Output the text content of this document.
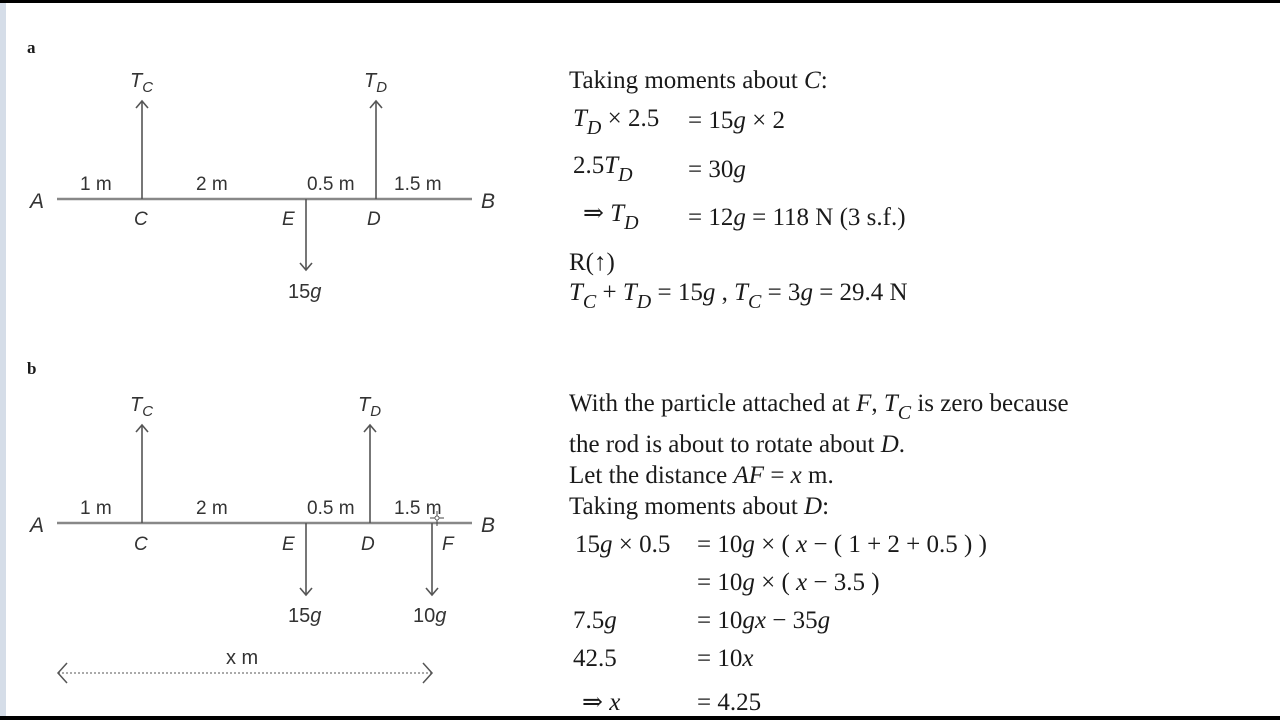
a
$T_C$	$T_D$
A	B
C	E	D
1 m	2 m	0.5 m 1.5 m
15g
Taking moments about C:
$T_D \times 2.5 = 15g \times 2$
$2.5T_D = 30g$
⇒ $T_D = 12g = 118$ N (3 s.f.)
R(↑)
$T_C + T_D = 15g$ , $T_C = 3g = 29.4$ N
b
$T_C$	$T_D$
A	B
C	E	D	F
1 m	2 m	0.5 m 1.5 m
15g	10g
x m
With the particle attached at F, $T_C$ is zero because
the rod is about to rotate about D.
Let the distance AF = x m.
Taking moments about D:
15g × 0.5 = 10g × ( x − ( 1 + 2 + 0.5 ) )
= 10g × ( x − 3.5 )
7.5g	= 10gx − 35g
42.5	= 10x
⇒ x	= 4.25
